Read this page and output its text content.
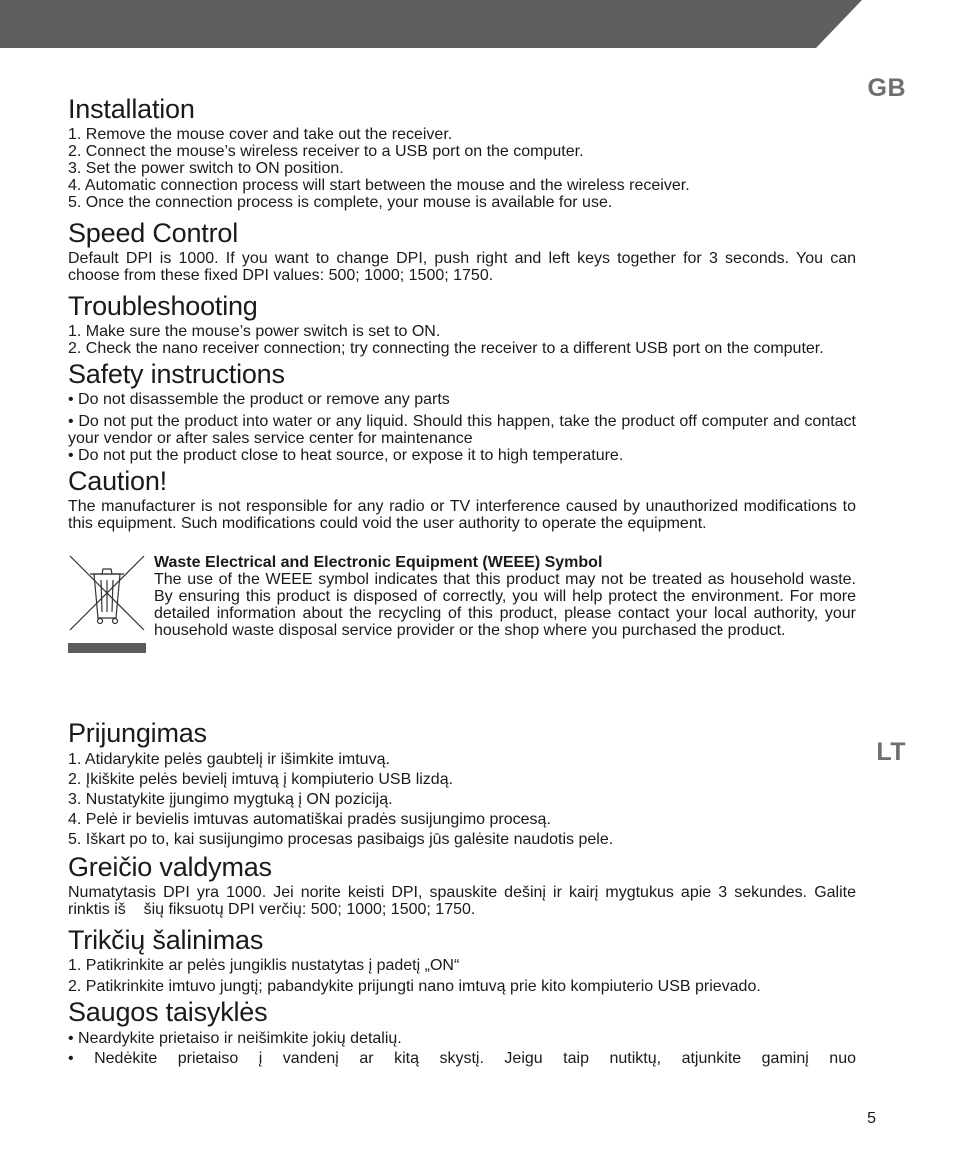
GB
LT
Installation

1. Remove the mouse cover and take out the receiver.

2. Connect the mouse’s wireless receiver to a USB port on the computer.

3. Set the power switch to ON position.

4. Automatic connection process will start between the mouse and the wireless receiver.

5. Once the connection process is complete, your mouse is available for use.

Speed Control

Default DPI is 1000. If you want to change DPI, push right and left keys together for 3 seconds. You can choose from these fixed DPI values: 500; 1000; 1500; 1750.

Troubleshooting

1. Make sure the mouse’s power switch is set to ON.

2. Check the nano receiver connection; try connecting the receiver to a different USB port on the computer.

Safety instructions

• Do not disassemble the product or remove any parts

• Do not put the product into water or any liquid. Should this happen, take the product off computer and contact your vendor or after sales service center for maintenance

• Do not put the product close to heat source, or expose it to high temperature.

Caution!

The manufacturer is not responsible for any radio or TV interference caused by unauthorized modifications to this equipment. Such modifications could void the user authority to operate the equipment.

Waste Electrical and Electronic Equipment (WEEE) Symbol

The use of the WEEE symbol indicates that this product may not be treated as household waste. By ensuring this product is disposed of correctly, you will help protect the environment. For more detailed information about the recycling of this product, please contact your local authority, your household waste disposal service provider or the shop where you purchased the product.

Prijungimas

1. Atidarykite pelės gaubtelį ir išimkite imtuvą.

2. Įkiškite pelės bevielį imtuvą į kompiuterio USB lizdą.

3. Nustatykite įjungimo mygtuką į ON poziciją.

4. Pelė ir bevielis imtuvas automatiškai pradės susijungimo procesą.

5. Iškart po to, kai susijungimo procesas pasibaigs jūs galėsite naudotis pele.

Greičio valdymas

Numatytasis DPI yra 1000. Jei norite keisti DPI, spauskite dešinį ir kairį mygtukus apie 3 sekundes. Galite rinktis iš    šių fiksuotų DPI verčių: 500; 1000; 1500; 1750.

Trikčių šalinimas

1. Patikrinkite ar pelės jungiklis nustatytas į padetį „ON“

2. Patikrinkite imtuvo jungtį; pabandykite prijungti nano imtuvą prie kito kompiuterio USB prievado.

Saugos taisyklės

• Neardykite prietaiso ir neišimkite jokių detalių.

• Nedėkite prietaiso į vandenį ar kitą skystį. Jeigu taip nutiktų, atjunkite gaminį nuo

5
